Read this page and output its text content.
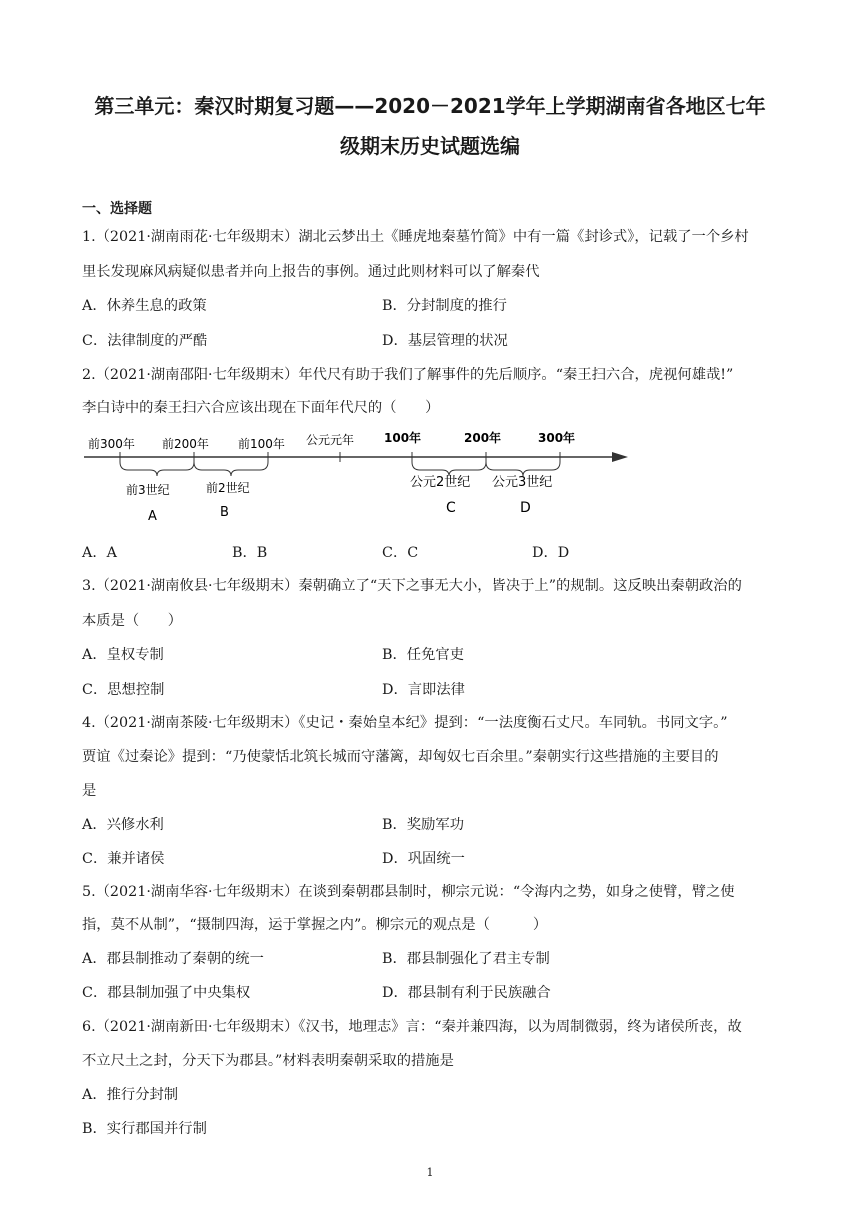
第三单元：秦汉时期复习题——2020－2021学年上学期湖南省各地区七年
级期末历史试题选编
一、选择题
1.（2021·湖南雨花·七年级期末）湖北云梦出土《睡虎地秦墓竹简》中有一篇《封诊式》，记载了一个乡村
里长发现麻风病疑似患者并向上报告的事例。通过此则材料可以了解秦代
A．休养生息的政策	B．分封制度的推行
C．法律制度的严酷	D．基层管理的状况
2.（2021·湖南邵阳·七年级期末）年代尺有助于我们了解事件的先后顺序。“秦王扫六合，虎视何雄哉!”
李白诗中的秦王扫六合应该出现在下面年代尺的（　　）
前300年 前200年 前100年 公元元年 100年	200年	300年
前3世纪	前2世纪	公元2世纪 公元3世纪
A	B	C	D
A．A	B．B	C．C	D．D
3.（2021·湖南攸县·七年级期末）秦朝确立了“天下之事无大小，皆决于上”的规制。这反映出秦朝政治的
本质是（　　）
A．皇权专制	B．任免官吏
C．思想控制	D．言即法律
4.（2021·湖南茶陵·七年级期末）《史记・秦始皇本纪》提到：“一法度衡石丈尺。车同轨。书同文字。”
贾谊《过秦论》提到：“乃使蒙恬北筑长城而守藩篱，却匈奴七百余里。”秦朝实行这些措施的主要目的
是
A．兴修水利	B．奖励军功
C．兼并诸侯	D．巩固统一
5.（2021·湖南华容·七年级期末）在谈到秦朝郡县制时，柳宗元说：“令海内之势，如身之使臂，臂之使
指，莫不从制”，“摄制四海，运于掌握之内”。柳宗元的观点是（　　　）
A．郡县制推动了秦朝的统一	B．郡县制强化了君主专制
C．郡县制加强了中央集权	D．郡县制有利于民族融合
6.（2021·湖南新田·七年级期末）《汉书，地理志》言：“秦并兼四海，以为周制微弱，终为诸侯所丧，故
不立尺土之封，分天下为郡县。”材料表明秦朝采取的措施是
A．推行分封制
B．实行郡国并行制
1
